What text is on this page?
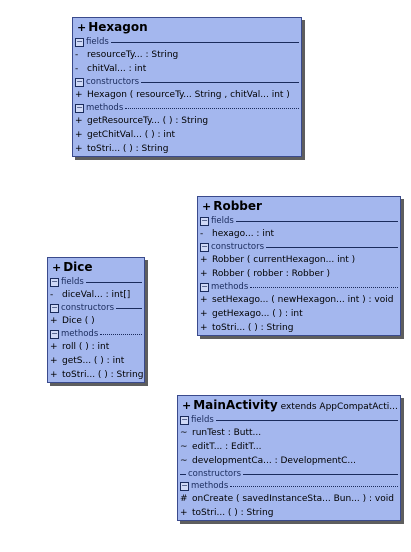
+ Hexagon
− fields
- resourceTy... : String
- chitVal... : int
− constructors
+ Hexagon ( resourceTy... String , chitVal... int )
− methods
+ getResourceTy... ( ) : String
+ getChitVal... ( ) : int
+ toStri... ( ) : String
+ Robber
− fields
- hexago... : int
− constructors
+ Robber ( currentHexagon... int )
+ Robber ( robber : Robber )
− methods
+ setHexago... ( newHexagon... int ) : void
+ getHexago... ( ) : int
+ toStri... ( ) : String
+ Dice
− fields
- diceVal... : int[]
− constructors
+ Dice ( )
− methods
+ roll ( ) : int
+ getS... ( ) : int
+ toStri... ( ) : String
+ MainActivity extends AppCompatActi...
− fields
~ runTest : Butt...
~ editT... : EditT...
~ developmentCa... : DevelopmentC...
constructors
− methods
# onCreate ( savedInstanceSta... Bun... ) : void
+ toStri... ( ) : String
